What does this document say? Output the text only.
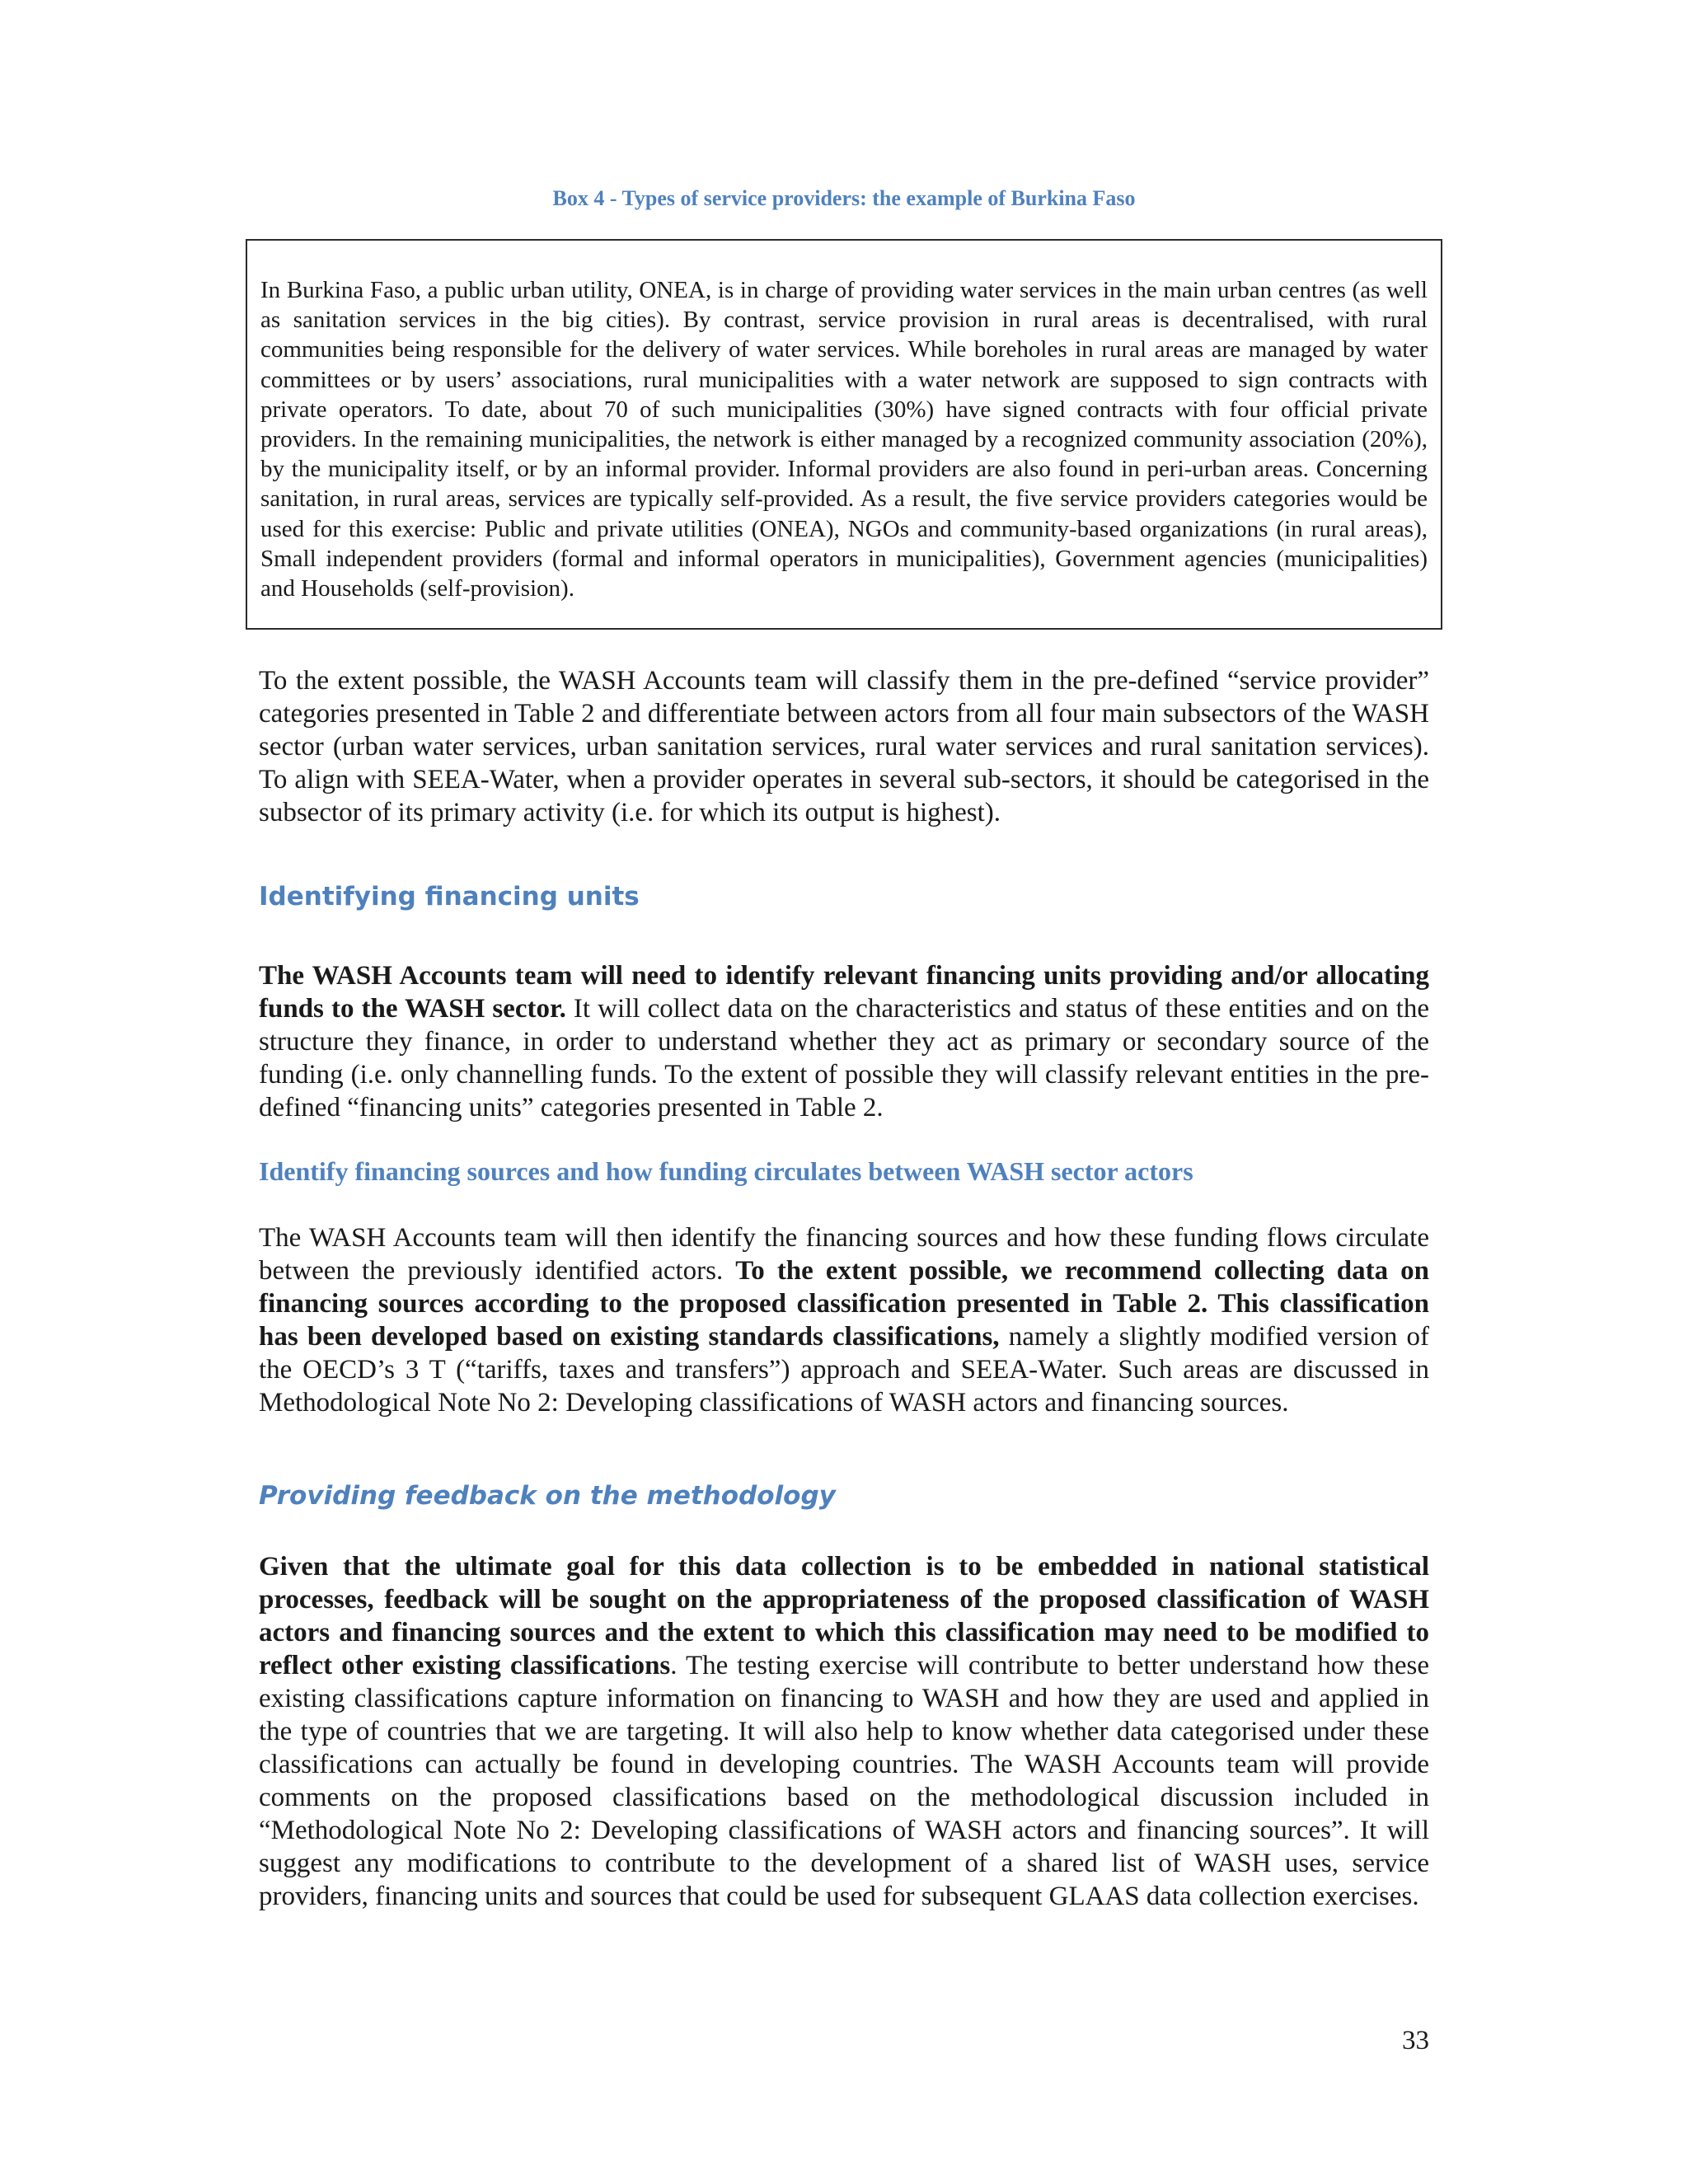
Box 4 - Types of service providers: the example of Burkina Faso

In Burkina Faso, a public urban utility, ONEA, is in charge of providing water services in the main urban centres (as well as sanitation services in the big cities). By contrast, service provision in rural areas is decentralised, with rural communities being responsible for the delivery of water services. While boreholes in rural areas are managed by water committees or by users’ associations, rural municipalities with a water network are supposed to sign contracts with private operators. To date, about 70 of such municipalities (30%) have signed contracts with four official private providers. In the remaining municipalities, the network is either managed by a recognized community association (20%), by the municipality itself, or by an informal provider. Informal providers are also found in peri-urban areas. Concerning sanitation, in rural areas, services are typically self-provided. As a result, the five service providers categories would be used for this exercise: Public and private utilities (ONEA), NGOs and community-based organizations (in rural areas), Small independent providers (formal and informal operators in municipalities), Government agencies (municipalities) and Households (self-provision).

To the extent possible, the WASH Accounts team will classify them in the pre-defined “service provider” categories presented in Table 2 and differentiate between actors from all four main subsectors of the WASH sector (urban water services, urban sanitation services, rural water services and rural sanitation services). To align with SEEA-Water, when a provider operates in several sub-sectors, it should be categorised in the subsector of its primary activity (i.e. for which its output is highest).

Identifying financing units

The WASH Accounts team will need to identify relevant financing units providing and/or allocating funds to the WASH sector. It will collect data on the characteristics and status of these entities and on the structure they finance, in order to understand whether they act as primary or secondary source of the funding (i.e. only channelling funds. To the extent of possible they will classify relevant entities in the pre-defined “financing units” categories presented in Table 2.

Identify financing sources and how funding circulates between WASH sector actors

The WASH Accounts team will then identify the financing sources and how these funding flows circulate between the previously identified actors. To the extent possible, we recommend collecting data on financing sources according to the proposed classification presented in Table 2. This classification has been developed based on existing standards classifications, namely a slightly modified version of the OECD’s 3 T (“tariffs, taxes and transfers”) approach and SEEA-Water. Such areas are discussed in Methodological Note No 2: Developing classifications of WASH actors and financing sources.

Providing feedback on the methodology

Given that the ultimate goal for this data collection is to be embedded in national statistical processes, feedback will be sought on the appropriateness of the proposed classification of WASH actors and financing sources and the extent to which this classification may need to be modified to reflect other existing classifications. The testing exercise will contribute to better understand how these existing classifications capture information on financing to WASH and how they are used and applied in the type of countries that we are targeting. It will also help to know whether data categorised under these classifications can actually be found in developing countries. The WASH Accounts team will provide comments on the proposed classifications based on the methodological discussion included in “Methodological Note No 2: Developing classifications of WASH actors and financing sources”. It will suggest any modifications to contribute to the development of a shared list of WASH uses, service providers, financing units and sources that could be used for subsequent GLAAS data collection exercises.

33
